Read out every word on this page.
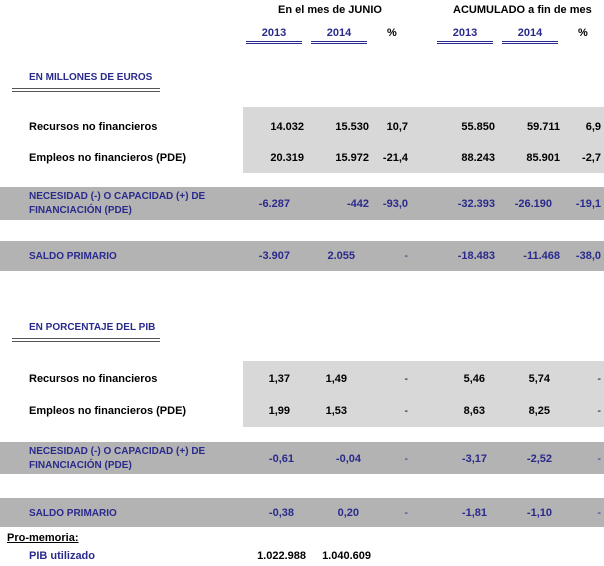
En el mes de JUNIO	ACUMULADO a fin de mes
2013	2014	%	2013	2014	%
EN MILLONES DE EUROS
Recursos no financieros	14.032	15.530	10,7	55.850	59.711	6,9
Empleos no financieros (PDE)	20.319	15.972	-21,4	88.243	85.901	-2,7
NECESIDAD (-) O CAPACIDAD (+) DE
FINANCIACIÓN (PDE)
-6.287	-442	-93,0	-32.393	-26.190	-19,1
SALDO PRIMARIO	-3.907	2.055	-	-18.483	-11.468	-38,0
EN PORCENTAJE DEL PIB
Recursos no financieros	1,37	1,49	-	5,46	5,74	-
Empleos no financieros (PDE)	1,99	1,53	-	8,63	8,25	-
NECESIDAD (-) O CAPACIDAD (+) DE
FINANCIACIÓN (PDE)
-0,61	-0,04	-	-3,17	-2,52	-
SALDO PRIMARIO	-0,38	0,20	-	-1,81	-1,10	-
Pro-memoria:
PIB utilizado	1.022.988	1.040.609
